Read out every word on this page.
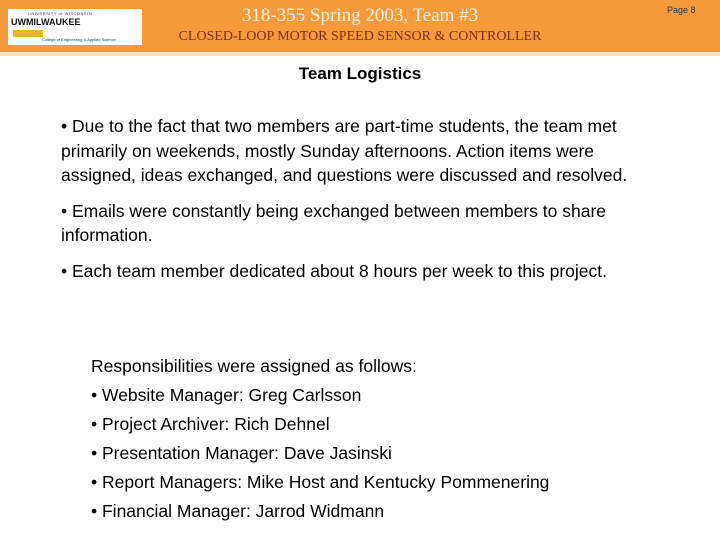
UNIVERSITY of WISCONSIN
UWMILWAUKEE
College of Engineering & Applied Science
318-355 Spring 2003, Team #3
CLOSED-LOOP MOTOR SPEED SENSOR & CONTROLLER
Page 8
Team Logistics

• Due to the fact that two members are part-time students, the team met primarily on weekends, mostly Sunday afternoons. Action items were assigned, ideas exchanged, and questions were discussed and resolved.

• Emails were constantly being exchanged between members to share information.

• Each team member dedicated about 8 hours per week to this project.

Responsibilities were assigned as follows:
• Website Manager: Greg Carlsson
• Project Archiver: Rich Dehnel
• Presentation Manager: Dave Jasinski
• Report Managers: Mike Host and Kentucky Pommenering
• Financial Manager: Jarrod Widmann
